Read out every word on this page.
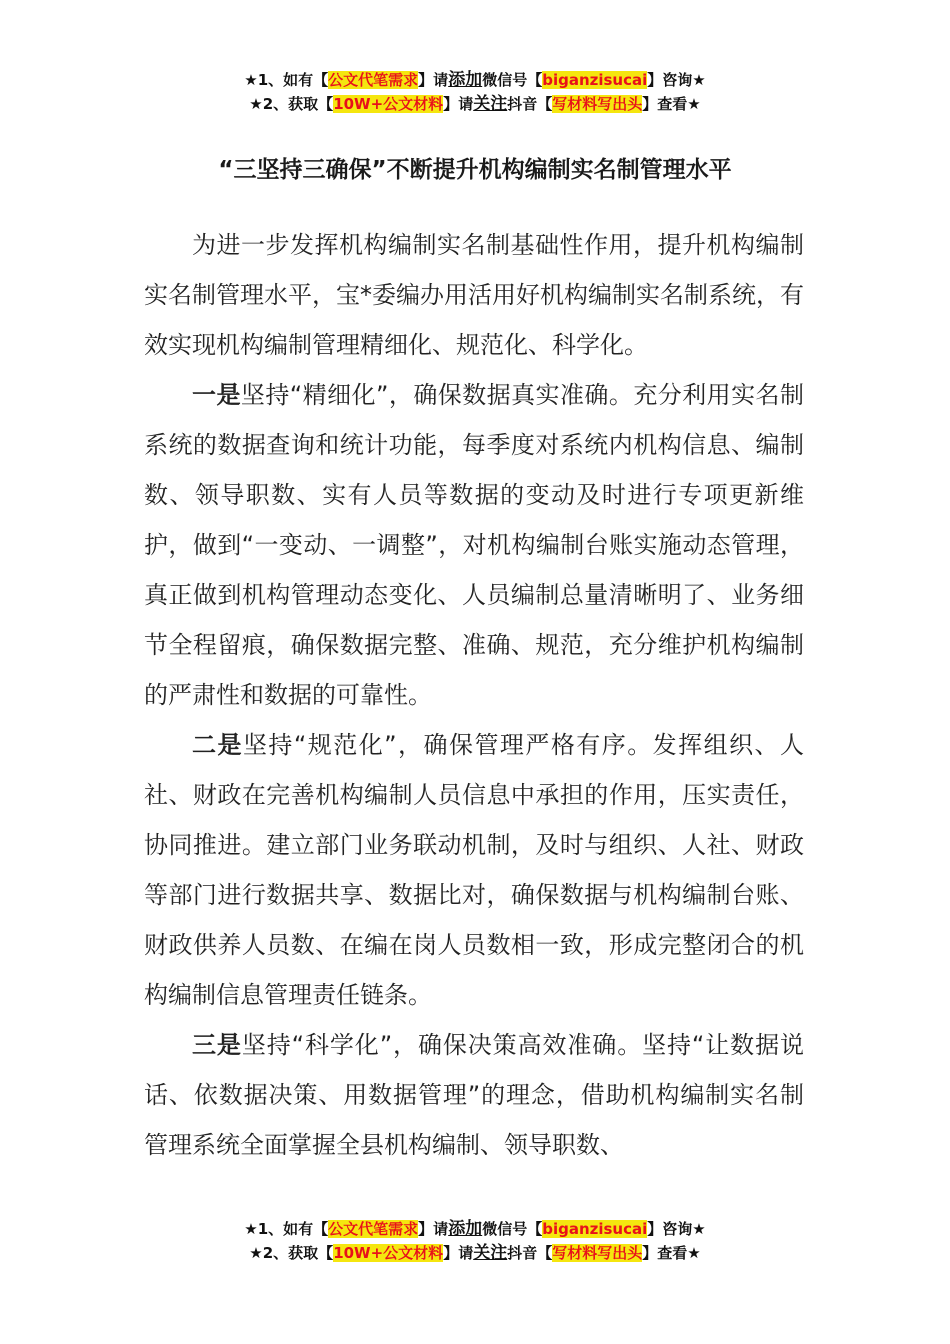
★1、如有【公文代笔需求】请添加微信号【biganzisucai】咨询★
★2、获取【10W+公文材料】请关注抖音【写材料写出头】查看★
“三坚持三确保”不断提升机构编制实名制管理水平

为进一步发挥机构编制实名制基础性作用，提升机构编制实名制管理水平，宝*委编办用活用好机构编制实名制系统，有效实现机构编制管理精细化、规范化、科学化。

一是坚持“精细化”，确保数据真实准确。充分利用实名制系统的数据查询和统计功能，每季度对系统内机构信息、编制数、领导职数、实有人员等数据的变动及时进行专项更新维护，做到“一变动、一调整”，对机构编制台账实施动态管理，真正做到机构管理动态变化、人员编制总量清晰明了、业务细节全程留痕，确保数据完整、准确、规范，充分维护机构编制的严肃性和数据的可靠性。

二是坚持“规范化”，确保管理严格有序。发挥组织、人社、财政在完善机构编制人员信息中承担的作用，压实责任，协同推进。建立部门业务联动机制，及时与组织、人社、财政等部门进行数据共享、数据比对，确保数据与机构编制台账、财政供养人员数、在编在岗人员数相一致，形成完整闭合的机构编制信息管理责任链条。

三是坚持“科学化”，确保决策高效准确。坚持“让数据说话、依数据决策、用数据管理”的理念，借助机构编制实名制管理系统全面掌握全县机构编制、领导职数、

★1、如有【公文代笔需求】请添加微信号【biganzisucai】咨询★
★2、获取【10W+公文材料】请关注抖音【写材料写出头】查看★
